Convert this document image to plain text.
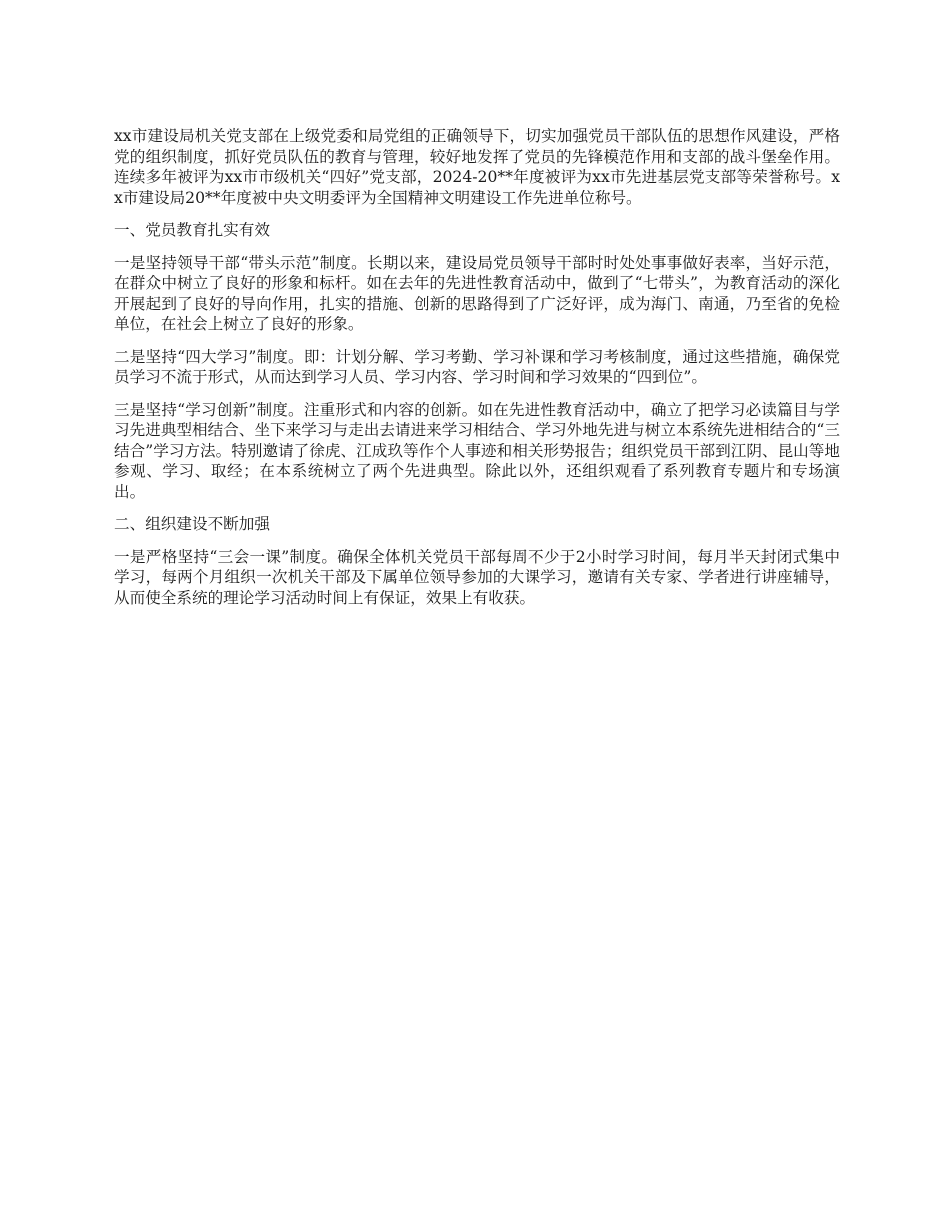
xx市建设局机关党支部在上级党委和局党组的正确领导下，切实加强党员干部队伍的思想作风建设，严格党的组织制度，抓好党员队伍的教育与管理，较好地发挥了党员的先锋模范作用和支部的战斗堡垒作用。连续多年被评为xx市市级机关“四好”党支部，2024-20**年度被评为xx市先进基层党支部等荣誉称号。xx市建设局20**年度被中央文明委评为全国精神文明建设工作先进单位称号。

一、党员教育扎实有效

一是坚持领导干部“带头示范”制度。长期以来，建设局党员领导干部时时处处事事做好表率，当好示范，在群众中树立了良好的形象和标杆。如在去年的先进性教育活动中，做到了“七带头”，为教育活动的深化开展起到了良好的导向作用，扎实的措施、创新的思路得到了广泛好评，成为海门、南通，乃至省的免检单位，在社会上树立了良好的形象。

二是坚持“四大学习”制度。即：计划分解、学习考勤、学习补课和学习考核制度，通过这些措施，确保党员学习不流于形式，从而达到学习人员、学习内容、学习时间和学习效果的“四到位”。

三是坚持“学习创新”制度。注重形式和内容的创新。如在先进性教育活动中，确立了把学习必读篇目与学习先进典型相结合、坐下来学习与走出去请进来学习相结合、学习外地先进与树立本系统先进相结合的“三结合”学习方法。特别邀请了徐虎、江成玖等作个人事迹和相关形势报告；组织党员干部到江阴、昆山等地参观、学习、取经；在本系统树立了两个先进典型。除此以外，还组织观看了系列教育专题片和专场演出。

二、组织建设不断加强

一是严格坚持“三会一课”制度。确保全体机关党员干部每周不少于2小时学习时间，每月半天封闭式集中学习，每两个月组织一次机关干部及下属单位领导参加的大课学习，邀请有关专家、学者进行讲座辅导，从而使全系统的理论学习活动时间上有保证，效果上有收获。
